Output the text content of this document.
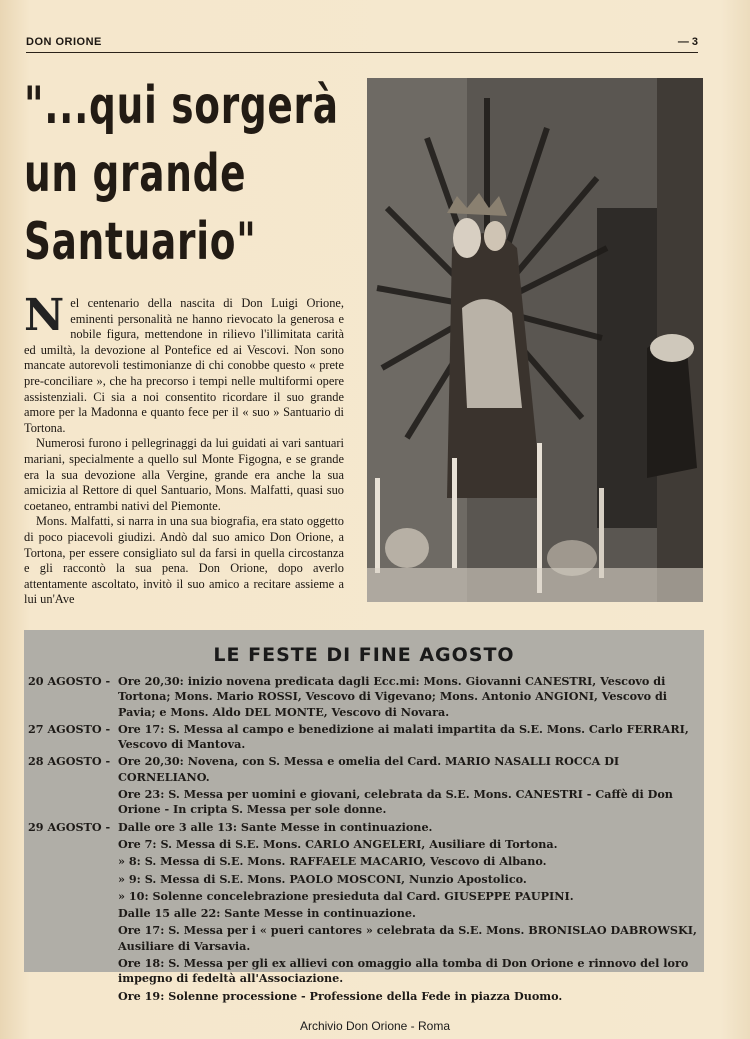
DON ORIONE	— 3
"...qui sorgerà
un grande
Santuario"

Nel centenario della nascita di Don Luigi Orione, eminenti personalità ne hanno rievocato la generosa e nobile figura, mettendone in rilievo l'illimitata carità ed umiltà, la devozione al Pontefice ed ai Vescovi. Non sono mancate autorevoli testimonianze di chi conobbe questo « prete pre-conciliare », che ha precorso i tempi nelle multiformi opere assistenziali. Ci sia a noi consentito ricordare il suo grande amore per la Madonna e quanto fece per il « suo » Santuario di Tortona.

Numerosi furono i pellegrinaggi da lui guidati ai vari santuari mariani, specialmente a quello sul Monte Figogna, e se grande era la sua devozione alla Vergine, grande era anche la sua amicizia al Rettore di quel Santuario, Mons. Malfatti, quasi suo coetaneo, entrambi nativi del Piemonte.

Mons. Malfatti, si narra in una sua biografia, era stato oggetto di poco piacevoli giudizi. Andò dal suo amico Don Orione, a Tortona, per essere consigliato sul da farsi in quella circostanza e gli raccontò la sua pena. Don Orione, dopo averlo attentamente ascoltato, invitò il suo amico a recitare assieme a lui un'Ave

LE FESTE DI FINE AGOSTO
20 AGOSTO - Ore 20,30: inizio novena predicata dagli Ecc.mi: Mons. Giovanni CANESTRI, Vescovo di Tortona; Mons. Mario ROSSI, Vescovo di Vigevano; Mons. Antonio ANGIONI, Vescovo di Pavia; e Mons. Aldo DEL MONTE, Vescovo di Novara.
27 AGOSTO - Ore 17: S. Messa al campo e benedizione ai malati impartita da S.E. Mons. Carlo FERRARI, Vescovo di Mantova.
28 AGOSTO - Ore 20,30: Novena, con S. Messa e omelia del Card. MARIO NASALLI ROCCA DI CORNELIANO.
Ore 23: S. Messa per uomini e giovani, celebrata da S.E. Mons. CANESTRI - Caffè di Don Orione - In cripta S. Messa per sole donne.
29 AGOSTO - Dalle ore 3 alle 13: Sante Messe in continuazione.
Ore 7: S. Messa di S.E. Mons. CARLO ANGELERI, Ausiliare di Tortona.
» 8: S. Messa di S.E. Mons. RAFFAELE MACARIO, Vescovo di Albano.
» 9: S. Messa di S.E. Mons. PAOLO MOSCONI, Nunzio Apostolico.
» 10: Solenne concelebrazione presieduta dal Card. GIUSEPPE PAUPINI.
Dalle 15 alle 22: Sante Messe in continuazione.
Ore 17: S. Messa per i « pueri cantores » celebrata da S.E. Mons. BRONISLAO DABROWSKI, Ausiliare di Varsavia.
Ore 18: S. Messa per gli ex allievi con omaggio alla tomba di Don Orione e rinnovo del loro impegno di fedeltà all'Associazione.
Ore 19: Solenne processione - Professione della Fede in piazza Duomo.
Archivio Don Orione - Roma
